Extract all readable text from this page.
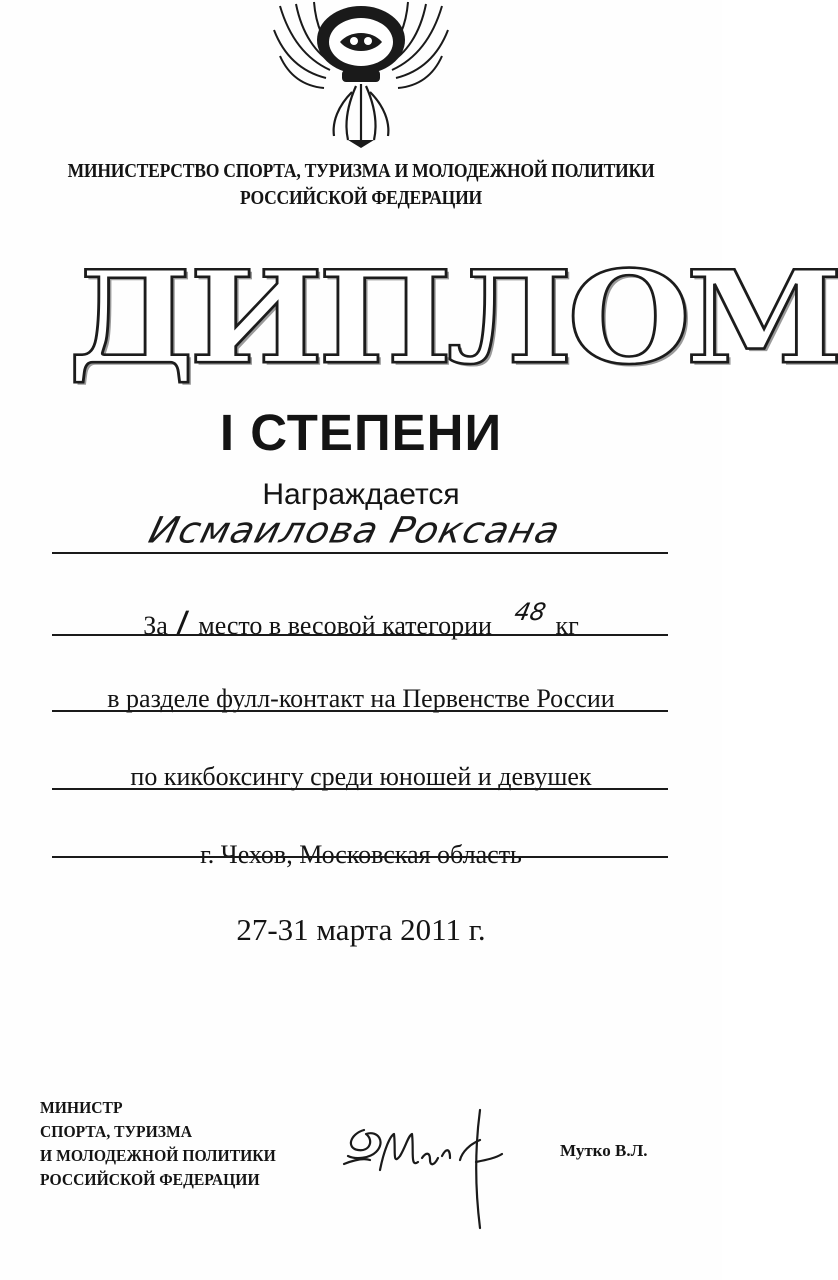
МИНИСТЕРСТВО СПОРТА, ТУРИЗМА И МОЛОДЕЖНОЙ ПОЛИТИКИ
РОССИЙСКОЙ ФЕДЕРАЦИИ
ДИПЛОМ
I СТЕПЕНИ
Награждается
Исмаилова Роксана
За I место в весовой категории 48 кг
в разделе фулл-контакт на Первенстве России
по кикбоксингу среди юношей и девушек
г. Чехов, Московская область
27-31 марта 2011 г.
МИНИСТР
СПОРТА, ТУРИЗМА
И МОЛОДЕЖНОЙ ПОЛИТИКИ
РОССИЙСКОЙ ФЕДЕРАЦИИ
Мутко В.Л.
